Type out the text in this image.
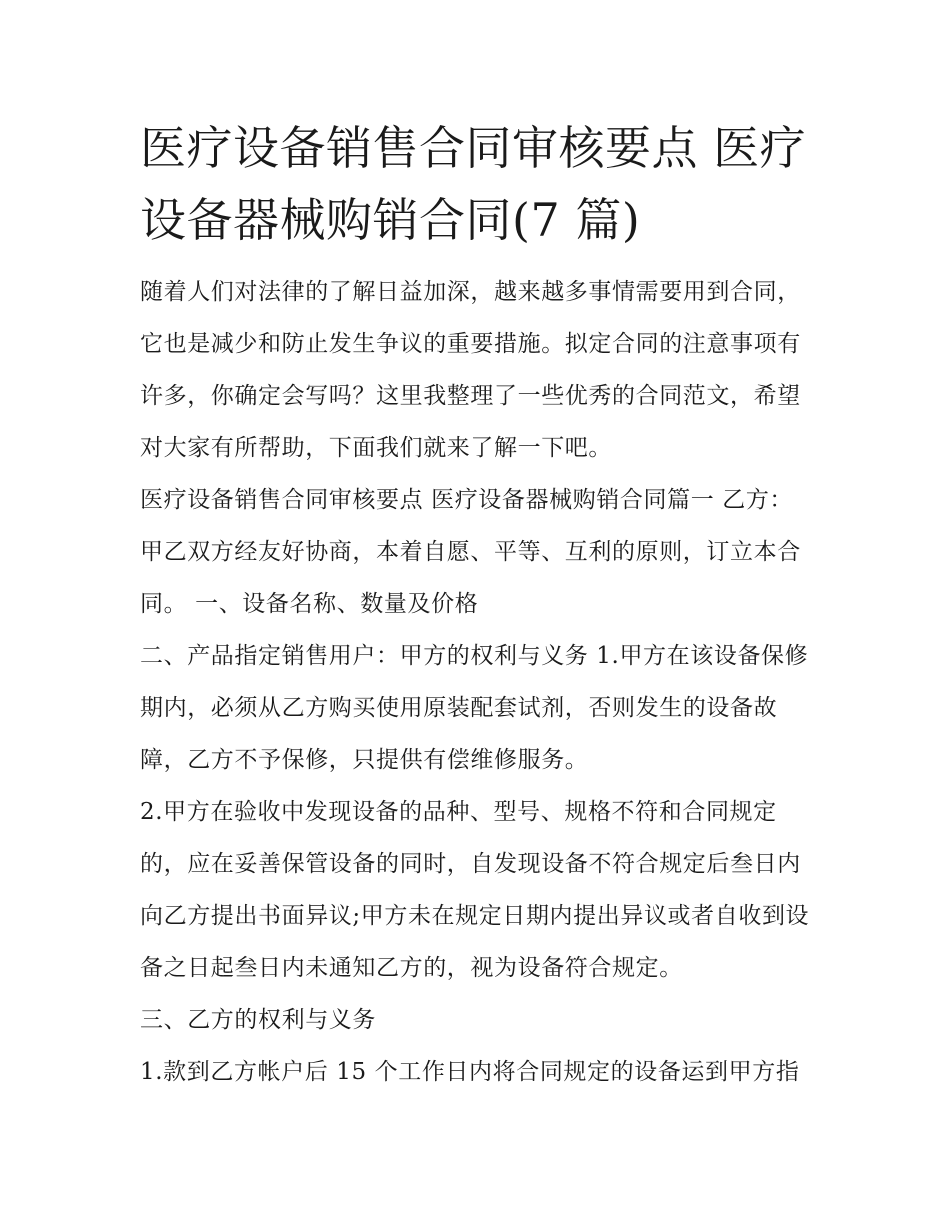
医疗设备销售合同审核要点 医疗设备器械购销合同(7 篇)

随着人们对法律的了解日益加深，越来越多事情需要用到合同，它也是减少和防止发生争议的重要措施。拟定合同的注意事项有许多，你确定会写吗？这里我整理了一些优秀的合同范文，希望对大家有所帮助，下面我们就来了解一下吧。

医疗设备销售合同审核要点 医疗设备器械购销合同篇一 乙方： 甲乙双方经友好协商，本着自愿、平等、互利的原则，订立本合同。 一、设备名称、数量及价格

二、产品指定销售用户：甲方的权利与义务 1.甲方在该设备保修期内，必须从乙方购买使用原装配套试剂，否则发生的设备故障，乙方不予保修，只提供有偿维修服务。

2.甲方在验收中发现设备的品种、型号、规格不符和合同规定的，应在妥善保管设备的同时，自发现设备不符合规定后叁日内向乙方提出书面异议;甲方未在规定日期内提出异议或者自收到设备之日起叁日内未通知乙方的，视为设备符合规定。

三、乙方的权利与义务

1.款到乙方帐户后 15 个工作日内将合同规定的设备运到甲方指
